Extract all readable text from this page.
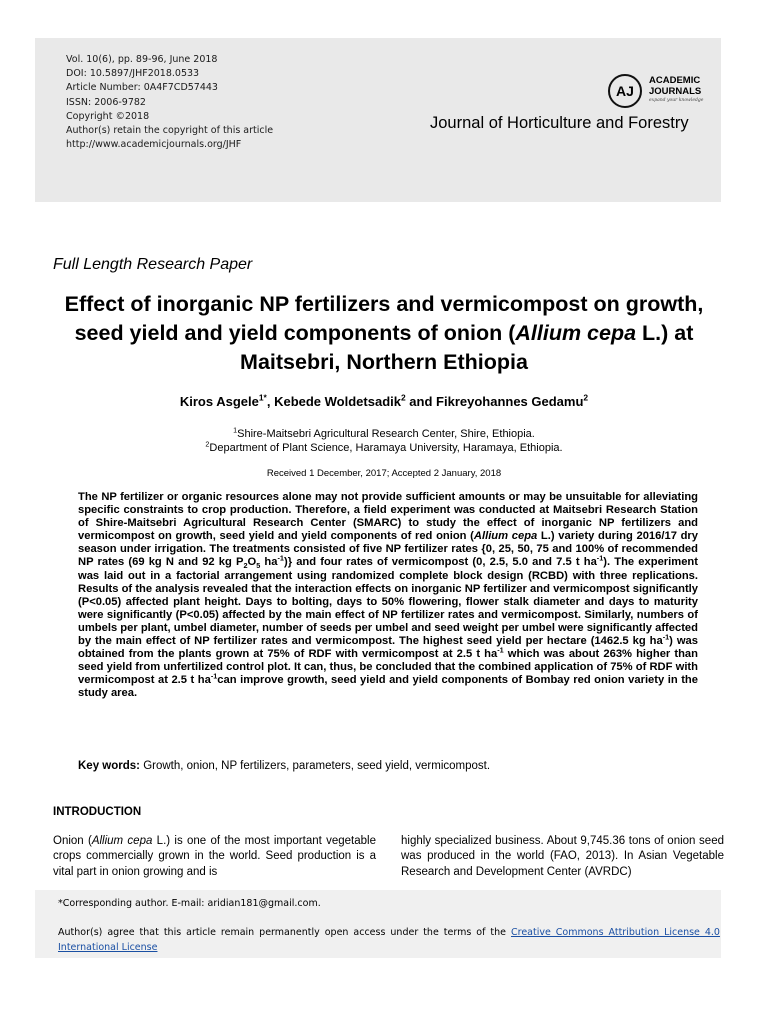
Vol. 10(6), pp. 89-96, June 2018
DOI: 10.5897/JHF2018.0533
Article Number: 0A4F7CD57443
ISSN: 2006-9782
Copyright ©2018
Author(s) retain the copyright of this article
http://www.academicjournals.org/JHF
AJ
ACADEMIC
JOURNALS
expand your knowledge
Journal of Horticulture and Forestry
Full Length Research Paper
Effect of inorganic NP fertilizers and vermicompost on growth, seed yield and yield components of onion (Allium cepa L.) at Maitsebri, Northern Ethiopia
Kiros Asgele$^{1*}$, Kebede Woldetsadik$^2$ and Fikreyohannes Gedamu$^2$
$^1$Shire-Maitsebri Agricultural Research Center, Shire, Ethiopia.
$^2$Department of Plant Science, Haramaya University, Haramaya, Ethiopia.
Received 1 December, 2017; Accepted 2 January, 2018
The NP fertilizer or organic resources alone may not provide sufficient amounts or may be unsuitable for alleviating specific constraints to crop production. Therefore, a field experiment was conducted at Maitsebri Research Station of Shire-Maitsebri Agricultural Research Center (SMARC) to study the effect of inorganic NP fertilizers and vermicompost on growth, seed yield and yield components of red onion (Allium cepa L.) variety during 2016/17 dry season under irrigation. The treatments consisted of five NP fertilizer rates {0, 25, 50, 75 and 100% of recommended NP rates (69 kg N and 92 kg $P_2O_5$ $ha^{-1}$)} and four rates of vermicompost (0, 2.5, 5.0 and 7.5 t $ha^{-1}$). The experiment was laid out in a factorial arrangement using randomized complete block design (RCBD) with three replications. Results of the analysis revealed that the interaction effects on inorganic NP fertilizer and vermicompost significantly (P<0.05) affected plant height. Days to bolting, days to 50% flowering, flower stalk diameter and days to maturity were significantly (P<0.05) affected by the main effect of NP fertilizer rates and vermicompost. Similarly, numbers of umbels per plant, umbel diameter, number of seeds per umbel and seed weight per umbel were significantly affected by the main effect of NP fertilizer rates and vermicompost. The highest seed yield per hectare (1462.5 kg $ha^{-1}$) was obtained from the plants grown at 75% of RDF with vermicompost at 2.5 t $ha^{-1}$ which was about 263% higher than seed yield from unfertilized control plot. It can, thus, be concluded that the combined application of 75% of RDF with vermicompost at 2.5 t $ha^{-1}can$ improve growth, seed yield and yield components of Bombay red onion variety in the study area.
Key words: Growth, onion, NP fertilizers, parameters, seed yield, vermicompost.
INTRODUCTION
Onion (Allium cepa L.) is one of the most important vegetable crops commercially grown in the world. Seed production is a vital part in onion growing and is
highly specialized business. About 9,745.36 tons of onion seed was produced in the world (FAO, 2013). In Asian Vegetable Research and Development Center (AVRDC)
*Corresponding author. E-mail: aridian181@gmail.com.
Author(s) agree that this article remain permanently open access under the terms of the Creative Commons Attribution License 4.0 International License
